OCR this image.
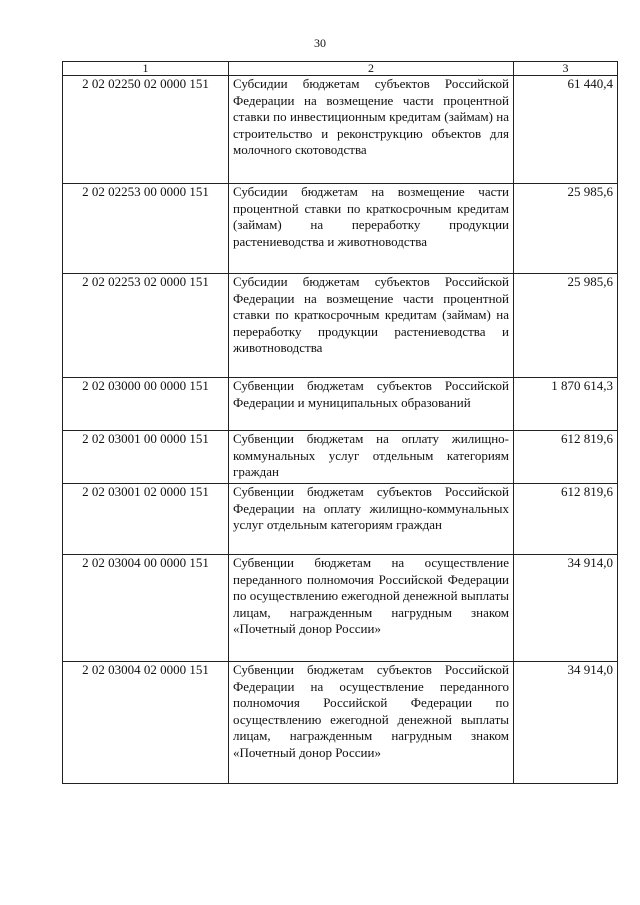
30
1	2	3
2 02 02250 02 0000 151	Субсидии бюджетам субъектов Российской Федерации на возмещение части процентной ставки по инвестиционным кредитам (займам) на строительство и реконструкцию объектов для молочного скотоводства	61 440,4
2 02 02253 00 0000 151	Субсидии бюджетам на возмещение части процентной ставки по краткосрочным кредитам (займам) на переработку продукции растениеводства и животноводства	25 985,6
2 02 02253 02 0000 151	Субсидии бюджетам субъектов Российской Федерации на возмещение части процентной ставки по краткосрочным кредитам (займам) на переработку продукции растениеводства и животноводства	25 985,6
2 02 03000 00 0000 151	Субвенции бюджетам субъектов Российской Федерации и муниципальных образований	1 870 614,3
2 02 03001 00 0000 151	Субвенции бюджетам на оплату жилищно-коммунальных услуг отдельным категориям граждан	612 819,6
2 02 03001 02 0000 151	Субвенции бюджетам субъектов Российской Федерации на оплату жилищно-коммунальных услуг отдельным категориям граждан	612 819,6
2 02 03004 00 0000 151	Субвенции бюджетам на осуществление переданного полномочия Российской Федерации по осуществлению ежегодной денежной выплаты лицам, награжденным нагрудным знаком «Почетный донор России»	34 914,0
2 02 03004 02 0000 151	Субвенции бюджетам субъектов Российской Федерации на осуществление переданного полномочия Российской Федерации по осуществлению ежегодной денежной выплаты лицам, награжденным нагрудным знаком «Почетный донор России»	34 914,0
